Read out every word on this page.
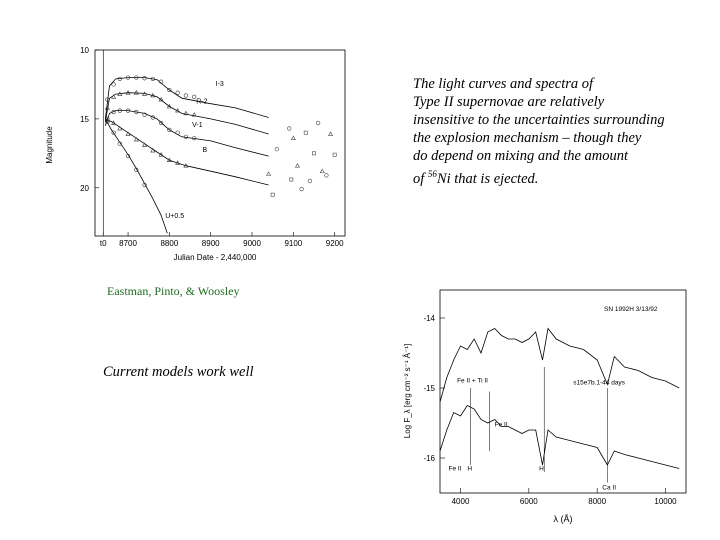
Magnitude
Julian Date - 2,440,000
t0 8700	8800	8900	9000	9100	9200
10
15
20
I-3
R-2
V-1
B
U+0.5
The light curves and spectra of
Type II supernovae are relatively
insensitive to the uncertainties surrounding
the explosion mechanism – though they
do depend on mixing and the amount
of $^{56}$Ni that is ejected.
Eastman, Pinto, & Woosley
Current models work well	Log F_λ [erg cm⁻² s⁻¹ Å⁻¹]
λ (Å)
4000	6000	8000	10000
-14
-15
-16
SN 1992H 3/13/92
s15e7b.1-44 days
Fe II + Ti II
Fe II
Fe II H	H
Ca II
